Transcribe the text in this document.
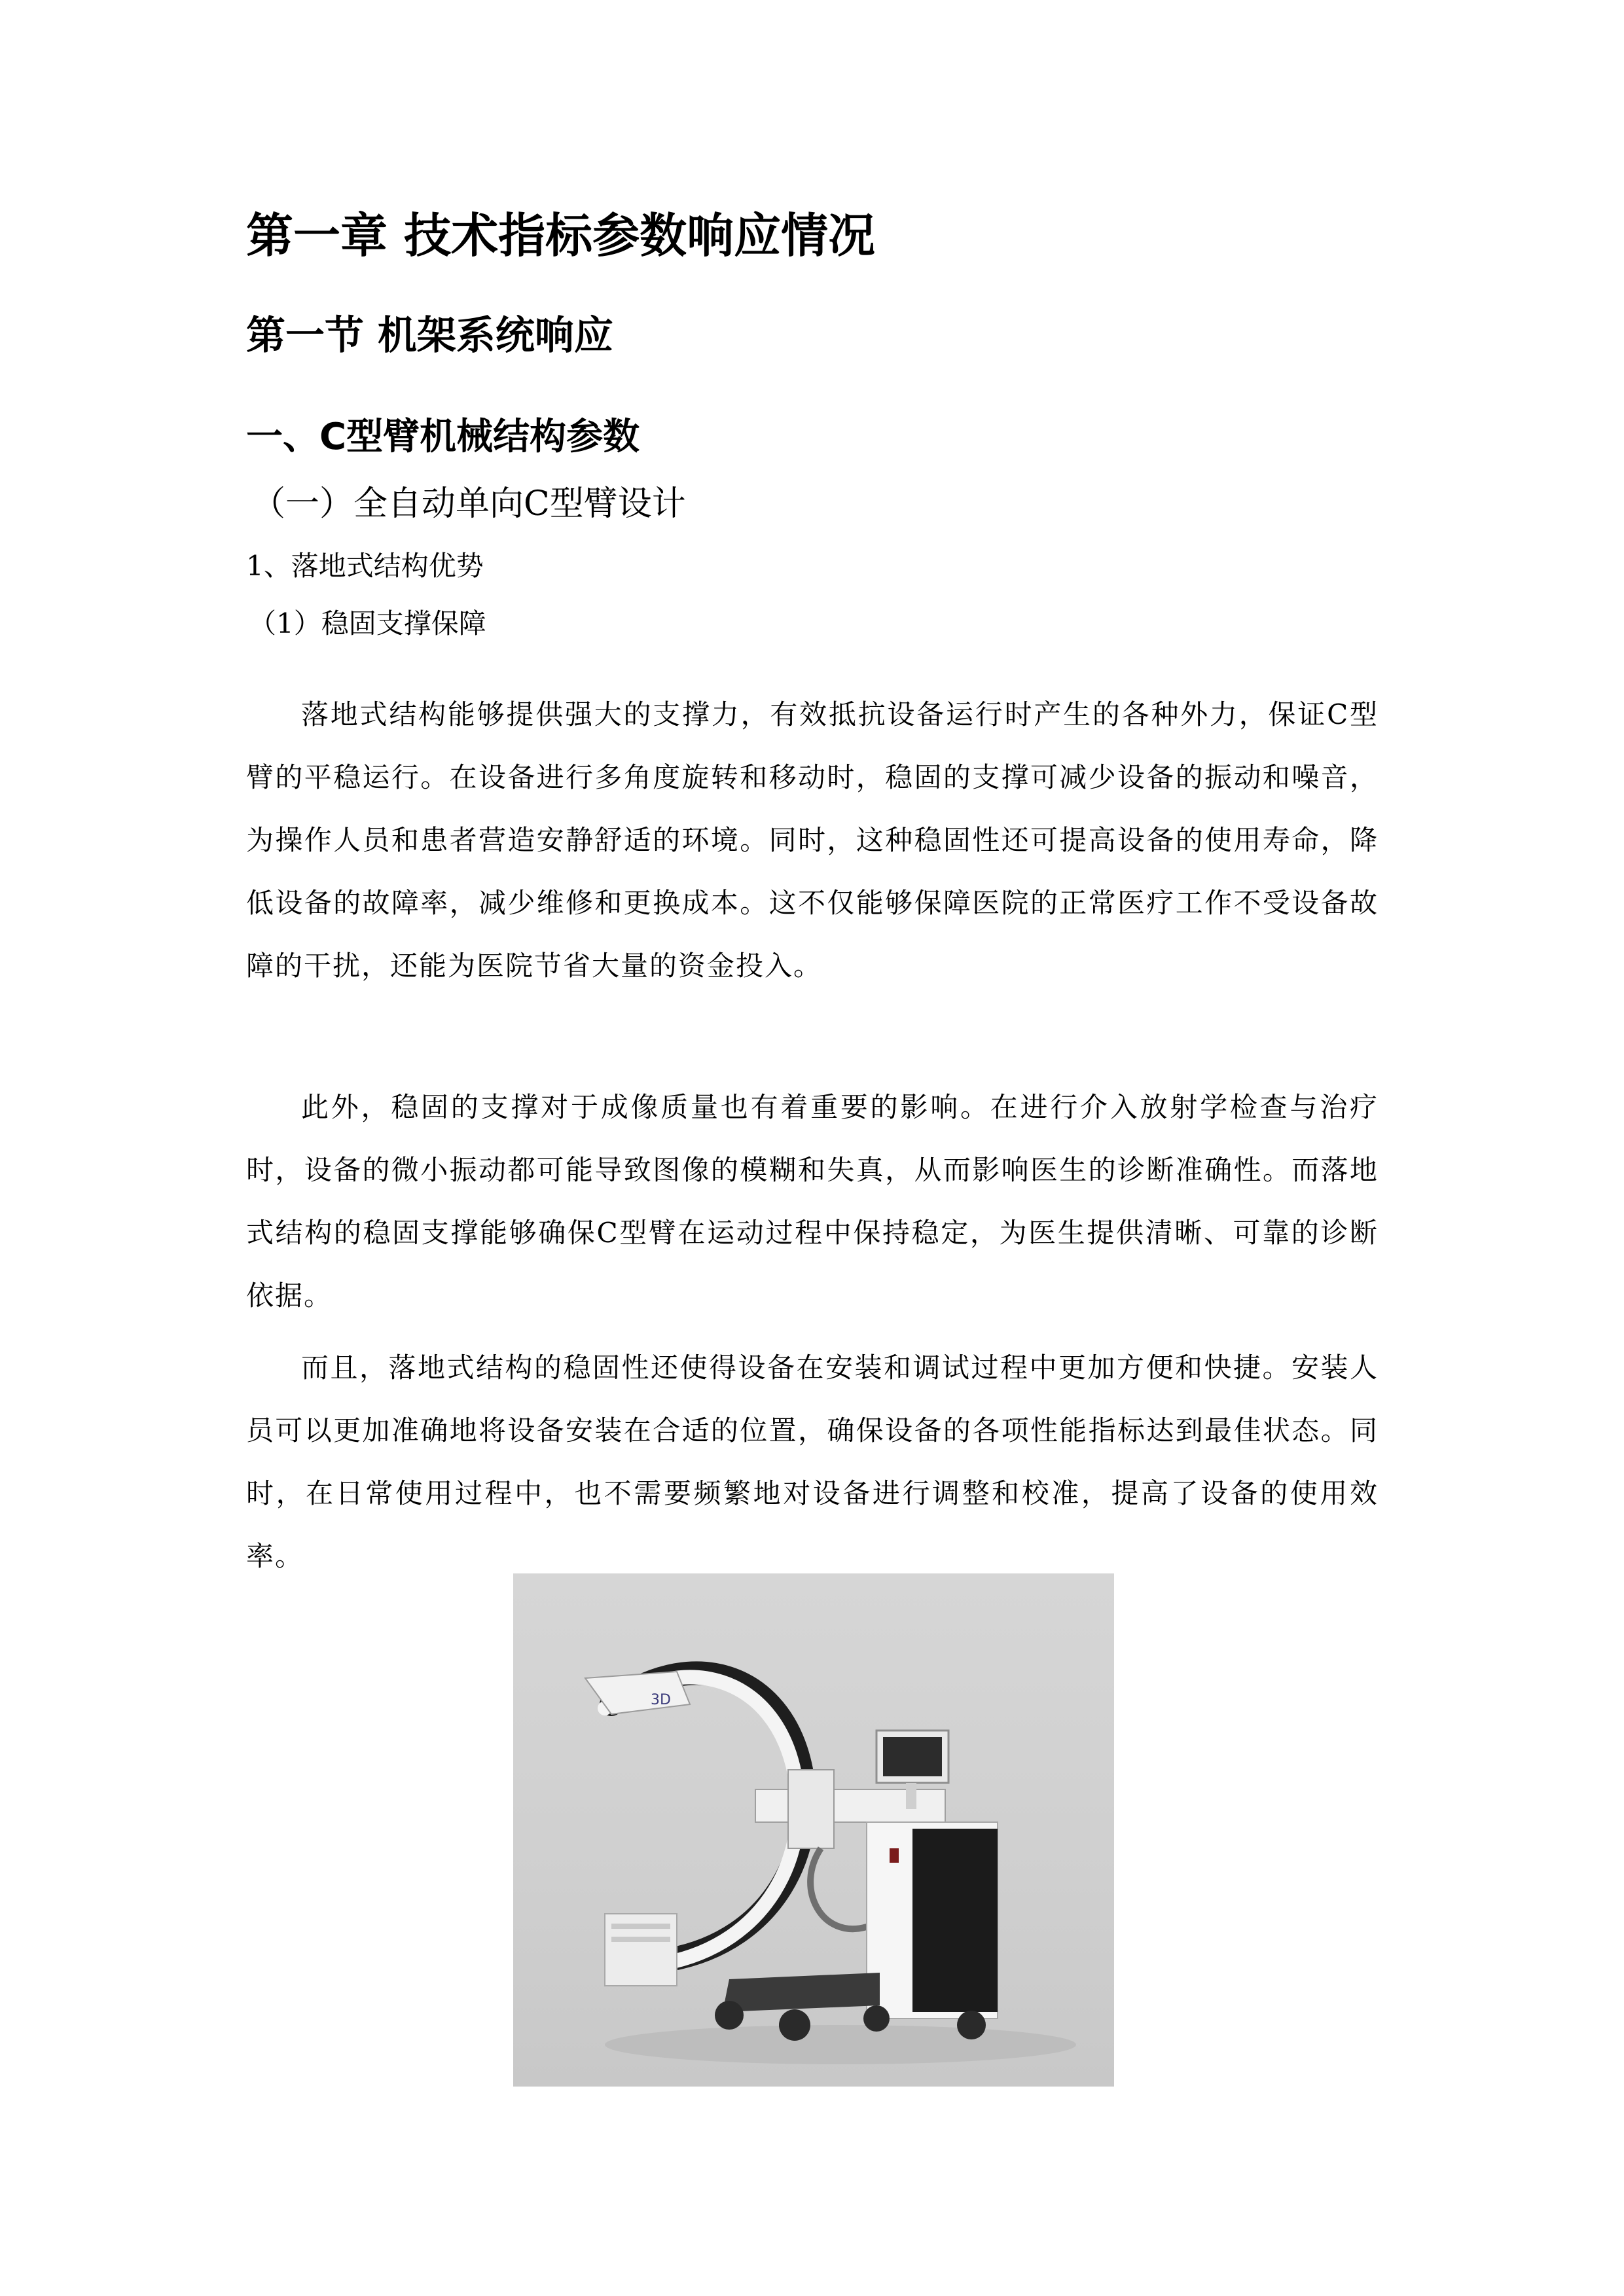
第一章 技术指标参数响应情况
第一节 机架系统响应
一、C型臂机械结构参数
（一）全自动单向C型臂设计
1、落地式结构优势
（1）稳固支撑保障

落地式结构能够提供强大的支撑力，有效抵抗设备运行时产生的各种外力，保证C型臂的平稳运行。在设备进行多角度旋转和移动时，稳固的支撑可减少设备的振动和噪音，为操作人员和患者营造安静舒适的环境。同时，这种稳固性还可提高设备的使用寿命，降低设备的故障率，减少维修和更换成本。这不仅能够保障医院的正常医疗工作不受设备故障的干扰，还能为医院节省大量的资金投入。

此外，稳固的支撑对于成像质量也有着重要的影响。在进行介入放射学检查与治疗时，设备的微小振动都可能导致图像的模糊和失真，从而影响医生的诊断准确性。而落地式结构的稳固支撑能够确保C型臂在运动过程中保持稳定，为医生提供清晰、可靠的诊断依据。

而且，落地式结构的稳固性还使得设备在安装和调试过程中更加方便和快捷。安装人员可以更加准确地将设备安装在合适的位置，确保设备的各项性能指标达到最佳状态。同时，在日常使用过程中，也不需要频繁地对设备进行调整和校准，提高了设备的使用效率。

3D
